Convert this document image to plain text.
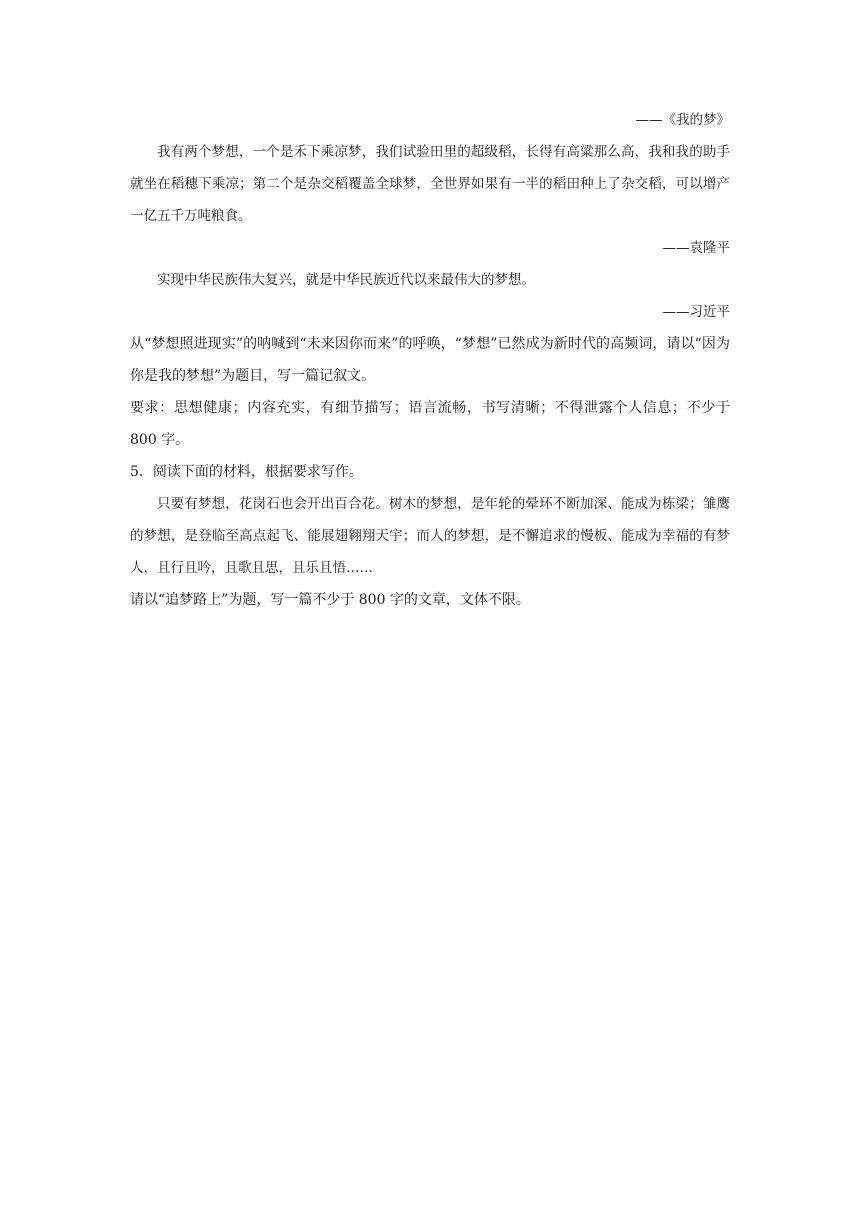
——《我的梦》
我有两个梦想，一个是禾下乘凉梦，我们试验田里的超级稻，长得有高粱那么高，我和我的助手就坐在稻穗下乘凉；第二个是杂交稻覆盖全球梦，全世界如果有一半的稻田种上了杂交稻，可以增产一亿五千万吨粮食。
——袁隆平
实现中华民族伟大复兴，就是中华民族近代以来最伟大的梦想。
——习近平
从“梦想照进现实”的呐喊到“未来因你而来”的呼唤，“梦想”已然成为新时代的高频词，请以“因为你是我的梦想”为题目，写一篇记叙文。
要求：思想健康；内容充实，有细节描写；语言流畅，书写清晰；不得泄露个人信息；不少于 800 字。
5．阅读下面的材料，根据要求写作。
只要有梦想，花岗石也会开出百合花。树木的梦想，是年轮的晕环不断加深、能成为栋梁；雏鹰的梦想，是登临至高点起飞、能展翅翱翔天宇；而人的梦想，是不懈追求的慢板、能成为幸福的有梦人，且行且吟，且歌且思，且乐且悟……
请以“追梦路上”为题，写一篇不少于 800 字的文章，文体不限。
